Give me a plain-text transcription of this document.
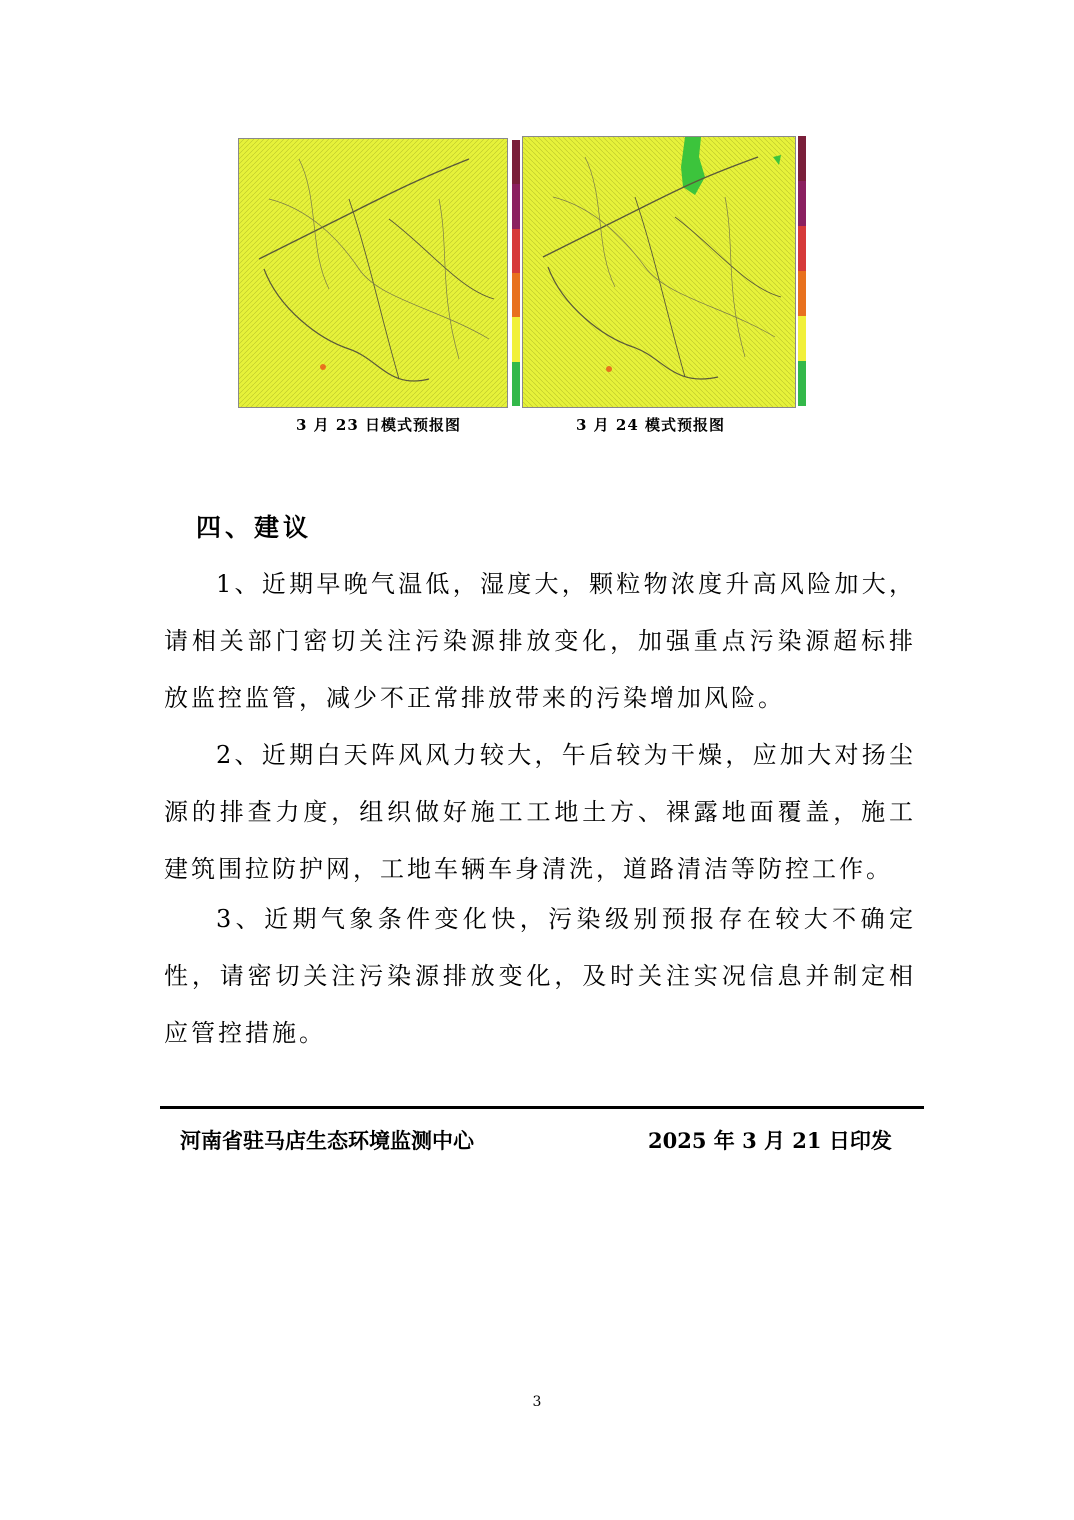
3 月 23 日模式预报图	3 月 24 模式预报图
四、建议
1、近期早晚气温低，湿度大，颗粒物浓度升高风险加大，请相关部门密切关注污染源排放变化，加强重点污染源超标排放监控监管，减少不正常排放带来的污染增加风险。
2、近期白天阵风风力较大，午后较为干燥，应加大对扬尘源的排查力度，组织做好施工工地土方、裸露地面覆盖，施工建筑围拉防护网，工地车辆车身清洗，道路清洁等防控工作。
3、近期气象条件变化快，污染级别预报存在较大不确定性，请密切关注污染源排放变化，及时关注实况信息并制定相应管控措施。
河南省驻马店生态环境监测中心	2025 年 3 月 21 日印发
3
